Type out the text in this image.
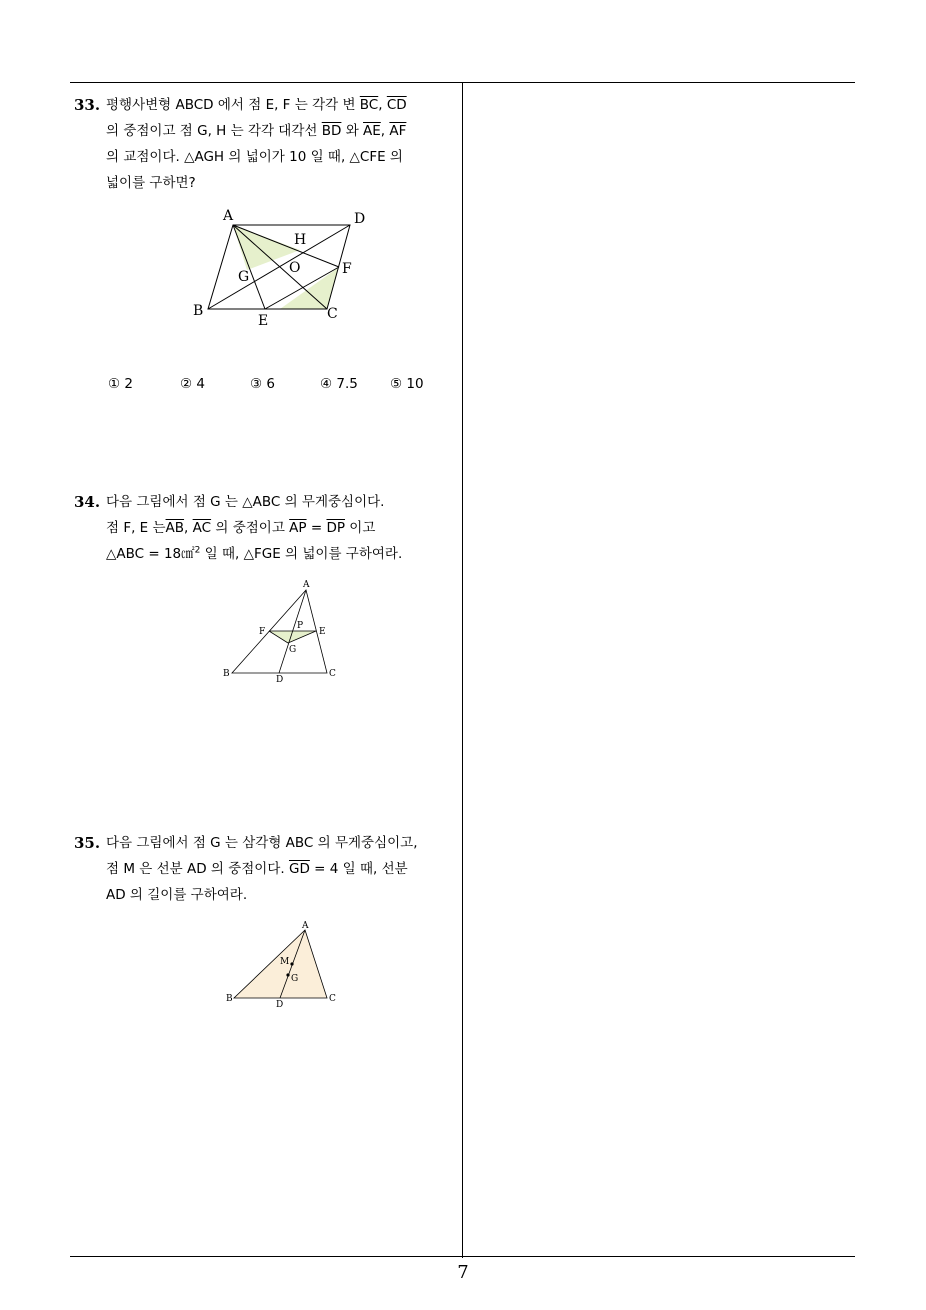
33. 평행사변형 ABCD 에서 점 E, F 는 각각 변 $\overline{BC}$, $\overline{CD}$
의 중점이고 점 G, H 는 각각 대각선 $\overline{BD}$ 와 $\overline{AE}$, $\overline{AF}$
의 교점이다. △AGH 의 넓이가 10 일 때, △CFE 의
넓이를 구하면?
A	D
H
O	F
G
B
E	C
① 2	② 4	③ 6	④ 7.5 ⑤ 10
34. 다음 그림에서 점 G 는 △ABC 의 무게중심이다.
점 F, E 는$\overline{AB}$, $\overline{AC}$ 의 중점이고 $\overline{AP} = \overline{DP}$ 이고
△ABC = 18㎠$^2$ 일 때, △FGE 의 넓이를 구하여라.
A
P
F	E
G
B	C
D
35. 다음 그림에서 점 G 는 삼각형 ABC 의 무게중심이고,
점 M 은 선분 AD 의 중점이다. $\overline{GD} = 4$ 일 때, 선분
AD 의 길이를 구하여라.
A
M
G
B	C
D
7
